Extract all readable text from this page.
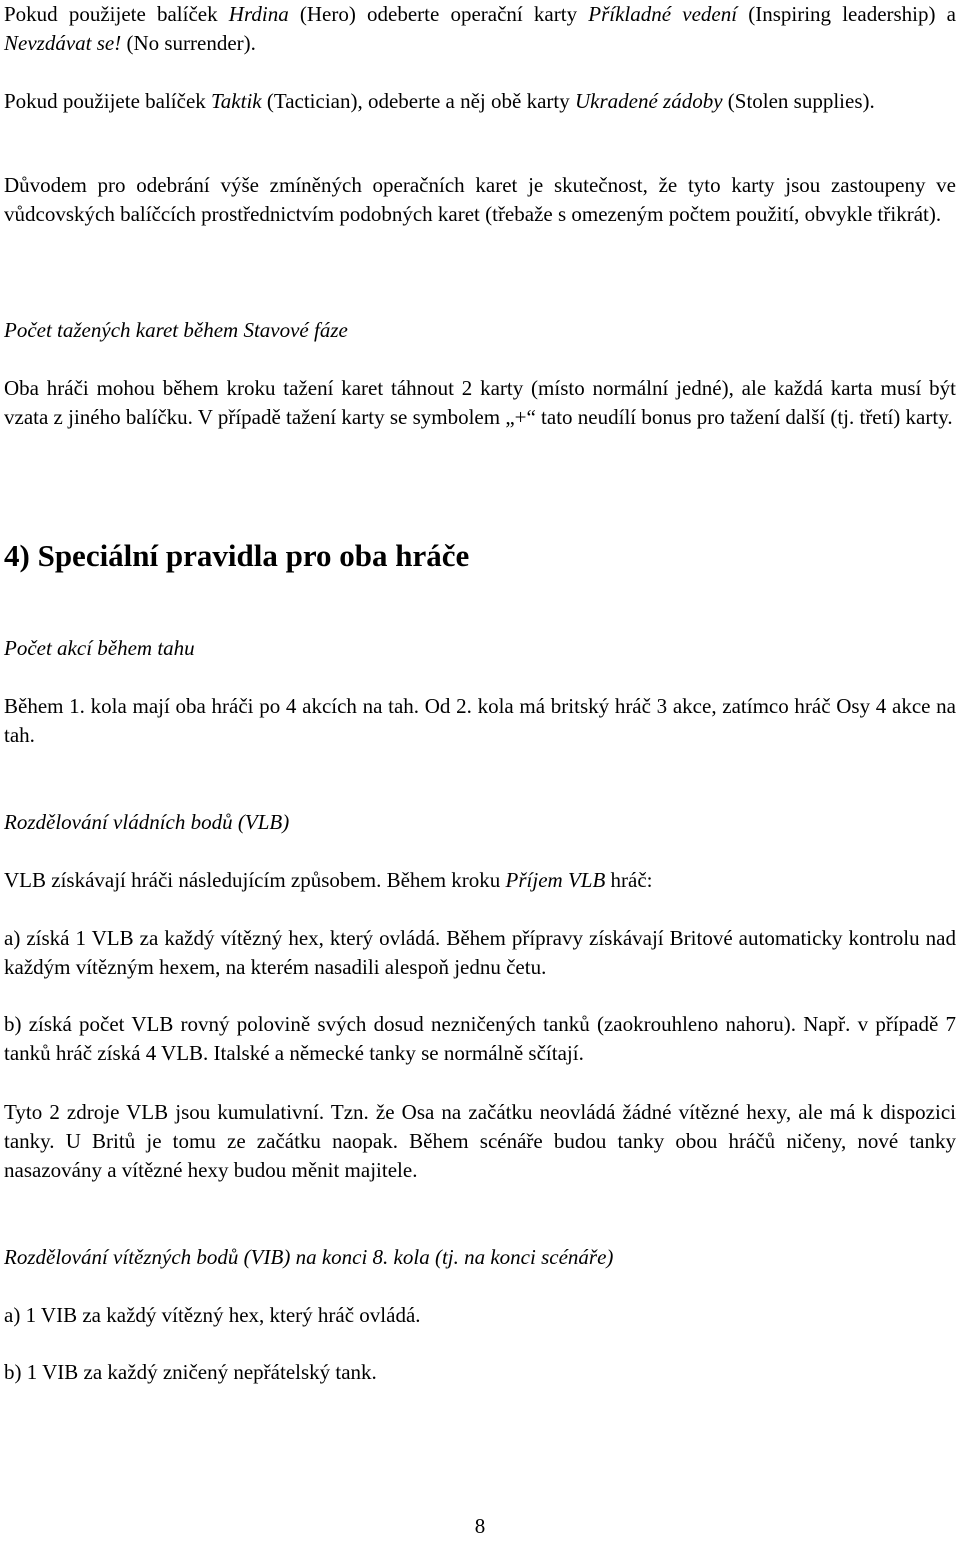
Pokud použijete balíček Hrdina (Hero) odeberte operační karty Příkladné vedení (Inspiring leadership) a Nevzdávat se! (No surrender).

Pokud použijete balíček Taktik (Tactician), odeberte a něj obě karty Ukradené zádoby (Stolen supplies).

Důvodem pro odebrání výše zmíněných operačních karet je skutečnost, že tyto karty jsou zastoupeny ve vůdcovských balíčcích prostřednictvím podobných karet (třebaže s omezeným počtem použití, obvykle třikrát).

Počet tažených karet během Stavové fáze

Oba hráči mohou během kroku tažení karet táhnout 2 karty (místo normální jedné), ale každá karta musí být vzata z jiného balíčku. V případě tažení karty se symbolem „+“ tato neudílí bonus pro tažení další (tj. třetí) karty.

4) Speciální pravidla pro oba hráče

Počet akcí během tahu

Během 1. kola mají oba hráči po 4 akcích na tah. Od 2. kola má britský hráč 3 akce, zatímco hráč Osy 4 akce na tah.

Rozdělování vládních bodů (VLB)

VLB získávají hráči následujícím způsobem. Během kroku Příjem VLB hráč:

a) získá 1 VLB za každý vítězný hex, který ovládá. Během přípravy získávají Britové automaticky kontrolu nad každým vítězným hexem, na kterém nasadili alespoň jednu četu.

b) získá počet VLB rovný polovině svých dosud nezničených tanků (zaokrouhleno nahoru). Např. v případě 7 tanků hráč získá 4 VLB. Italské a německé tanky se normálně sčítají.

Tyto 2 zdroje VLB jsou kumulativní. Tzn. že Osa na začátku neovládá žádné vítězné hexy, ale má k dispozici tanky. U Britů je tomu ze začátku naopak. Během scénáře budou tanky obou hráčů ničeny, nové tanky nasazovány a vítězné hexy budou měnit majitele.

Rozdělování vítězných bodů (VIB) na konci 8. kola (tj. na konci scénáře)

a) 1 VIB za každý vítězný hex, který hráč ovládá.

b) 1 VIB za každý zničený nepřátelský tank.

8
